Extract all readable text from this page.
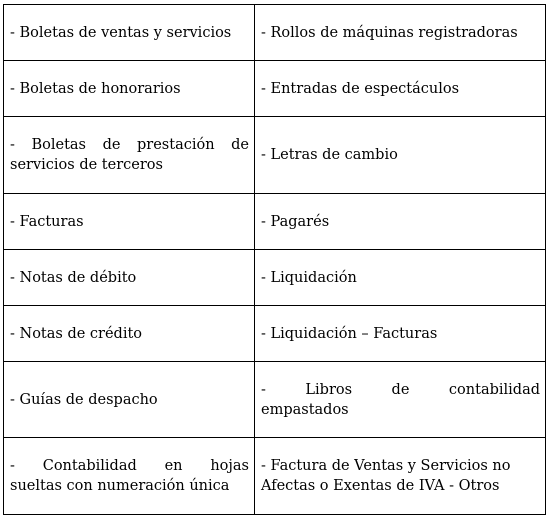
- Boletas de ventas y servicios	- Rollos de máquinas registradoras
- Boletas de honorarios	- Entradas de espectáculos

- Boletas de prestación de
servicios de terceros	- Letras de cambio
- Facturas	- Pagarés
- Notas de débito	- Liquidación
- Notas de crédito	- Liquidación – Facturas
- Guías de despacho	- Libros de contabilidad
empastados

- Contabilidad en hojas
sueltas con numeración única	- Factura de Ventas y Servicios no
Afectas o Exentas de IVA - Otros
